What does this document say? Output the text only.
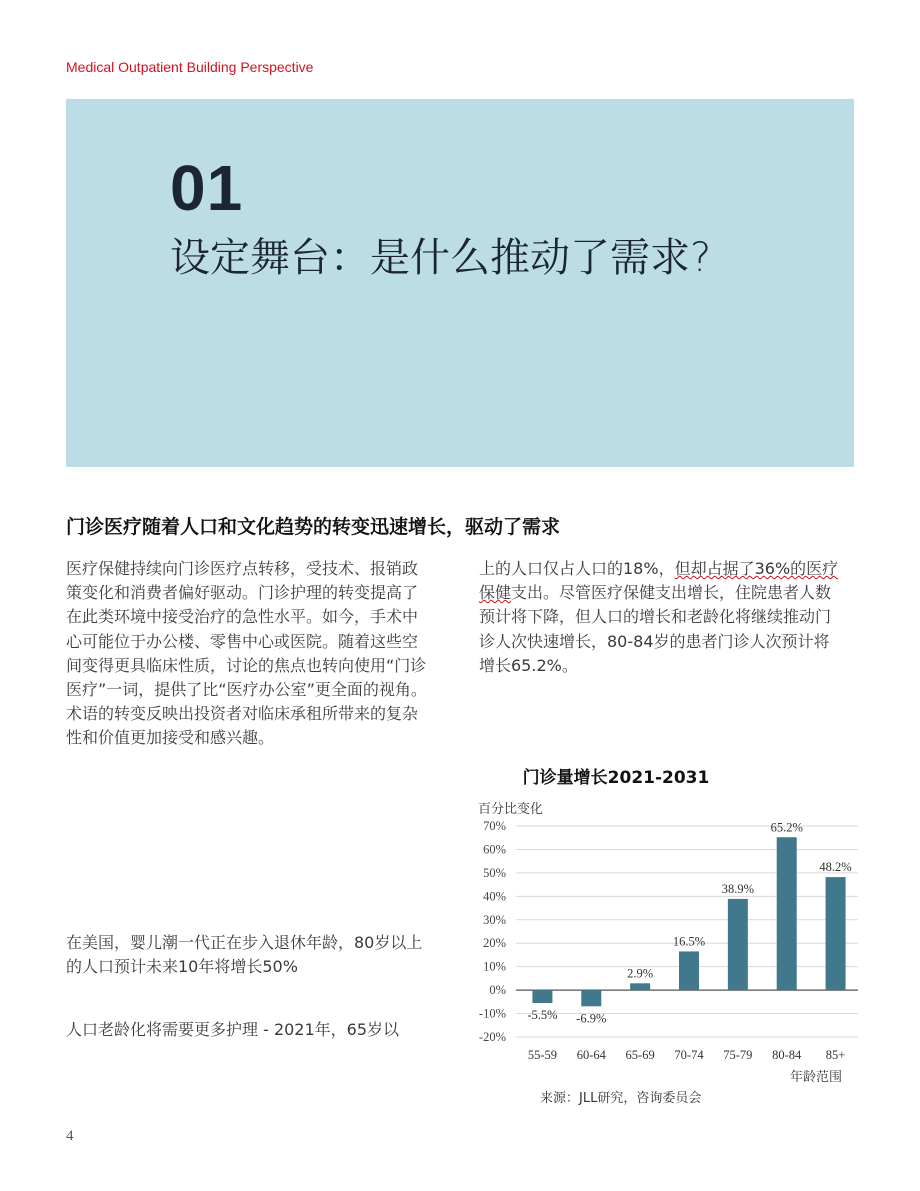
Medical Outpatient Building Perspective
01
设定舞台：是什么推动了需求?
门诊医疗随着人口和文化趋势的转变迅速增长，驱动了需求
医疗保健持续向门诊医疗点转移，受技术、报销政策变化和消费者偏好驱动。门诊护理的转变提高了在此类环境中接受治疗的急性水平。如今，手术中心可能位于办公楼、零售中心或医院。随着这些空间变得更具临床性质，讨论的焦点也转向使用“门诊医疗”一词，提供了比“医疗办公室”更全面的视角。术语的转变反映出投资者对临床承租所带来的复杂性和价值更加接受和感兴趣。
上的人口仅占人口的18%，但却占据了36%的医疗保健支出。尽管医疗保健支出增长，住院患者人数预计将下降，但人口的增长和老龄化将继续推动门诊人次快速增长，80-84岁的患者门诊人次预计将增长65.2%。
在美国，婴儿潮一代正在步入退休年龄，80岁以上的人口预计未来10年将增长50%
人口老龄化将需要更多护理 - 2021年，65岁以
门诊量增长2021-2031
百分比变化
70%
60%
50%
40%
30%
20%
10%
0%
-10%
-20%
-5.5%
55-59
-6.9%
60-64
2.9%
65-69
16.5%
70-74
38.9%
75-79
65.2%
80-84
48.2%
85+
年龄范围
来源：JLL研究，咨询委员会
4
